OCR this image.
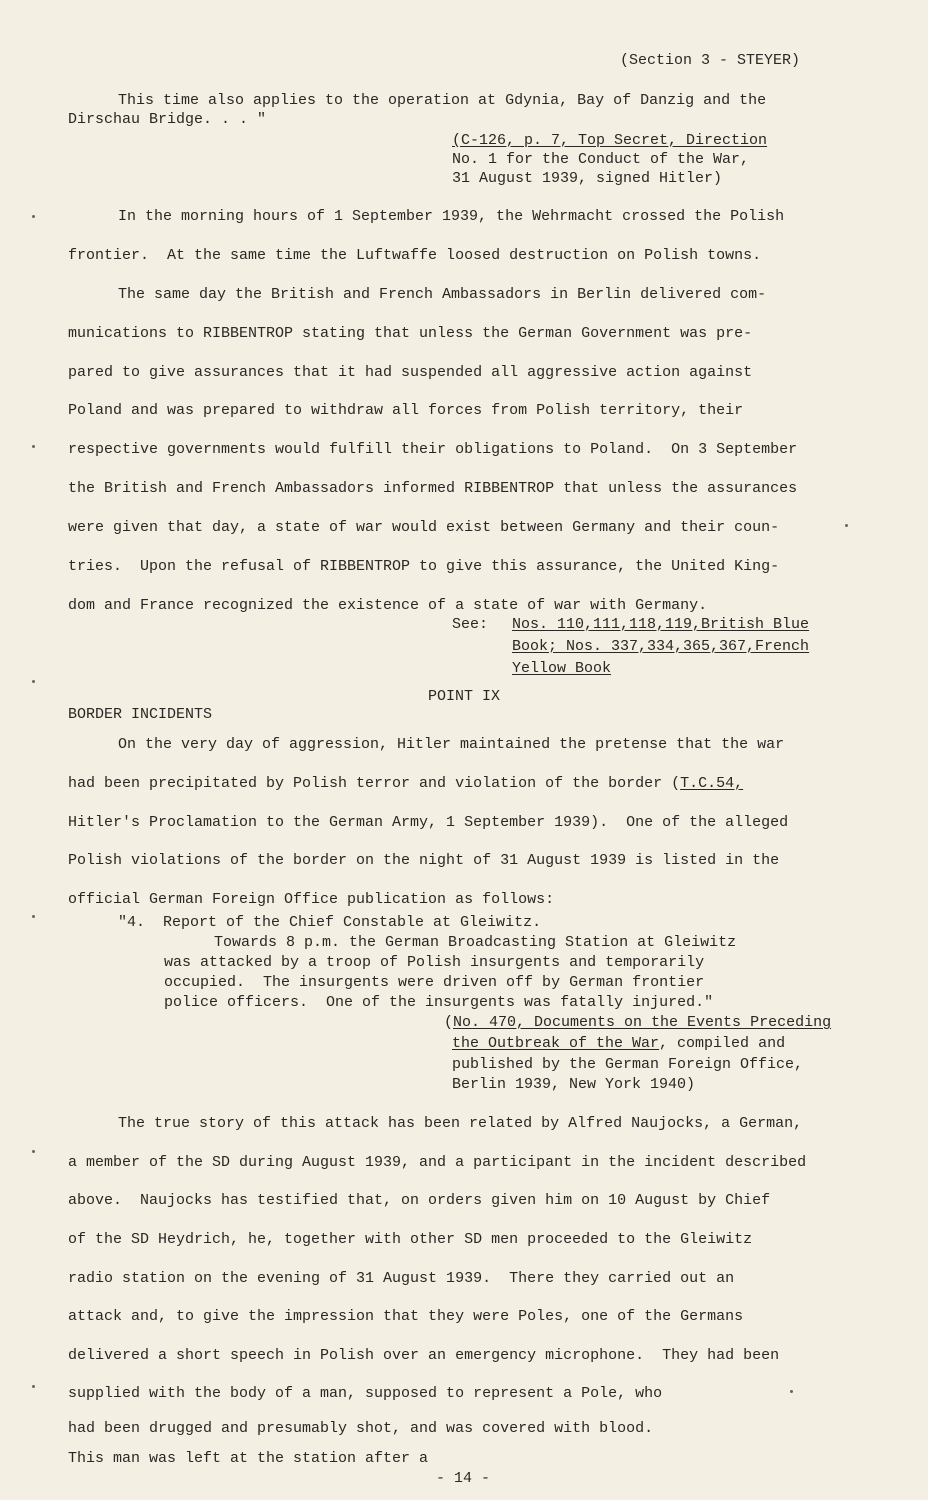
(Section 3 - STEYER)
This time also applies to the operation at Gdynia, Bay of Danzig and the
Dirschau Bridge. . . "
(C-126, p. 7, Top Secret, Direction
No. 1 for the Conduct of the War,
31 August 1939, signed Hitler)
In the morning hours of 1 September 1939, the Wehrmacht crossed the Polish
frontier.  At the same time the Luftwaffe loosed destruction on Polish towns.
The same day the British and French Ambassadors in Berlin delivered com-
munications to RIBBENTROP stating that unless the German Government was pre-
pared to give assurances that it had suspended all aggressive action against
Poland and was prepared to withdraw all forces from Polish territory, their
respective governments would fulfill their obligations to Poland.  On 3 September
the British and French Ambassadors informed RIBBENTROP that unless the assurances
were given that day, a state of war would exist between Germany and their coun-
tries.  Upon the refusal of RIBBENTROP to give this assurance, the United King-
dom and France recognized the existence of a state of war with Germany.
See: Nos. 110,111,118,119,British Blue
Book; Nos. 337,334,365,367,French
Yellow Book
POINT IX
BORDER INCIDENTS
On the very day of aggression, Hitler maintained the pretense that the war
had been precipitated by Polish terror and violation of the border (T.C.54,
Hitler's Proclamation to the German Army, 1 September 1939).  One of the alleged
Polish violations of the border on the night of 31 August 1939 is listed in the
official German Foreign Office publication as follows:
"4.  Report of the Chief Constable at Gleiwitz.
Towards 8 p.m. the German Broadcasting Station at Gleiwitz
was attacked by a troop of Polish insurgents and temporarily
occupied.  The insurgents were driven off by German frontier
police officers.  One of the insurgents was fatally injured."
(No. 470, Documents on the Events Preceding
the Outbreak of the War, compiled and
published by the German Foreign Office,
Berlin 1939, New York 1940)
The true story of this attack has been related by Alfred Naujocks, a German,
a member of the SD during August 1939, and a participant in the incident described
above.  Naujocks has testified that, on orders given him on 10 August by Chief
of the SD Heydrich, he, together with other SD men proceeded to the Gleiwitz
radio station on the evening of 31 August 1939.  There they carried out an
attack and, to give the impression that they were Poles, one of the Germans
delivered a short speech in Polish over an emergency microphone.  They had been
supplied with the body of a man, supposed to represent a Pole, who
had been drugged and presumably shot, and was covered with blood.
This man was left at the station after a
- 14 -
